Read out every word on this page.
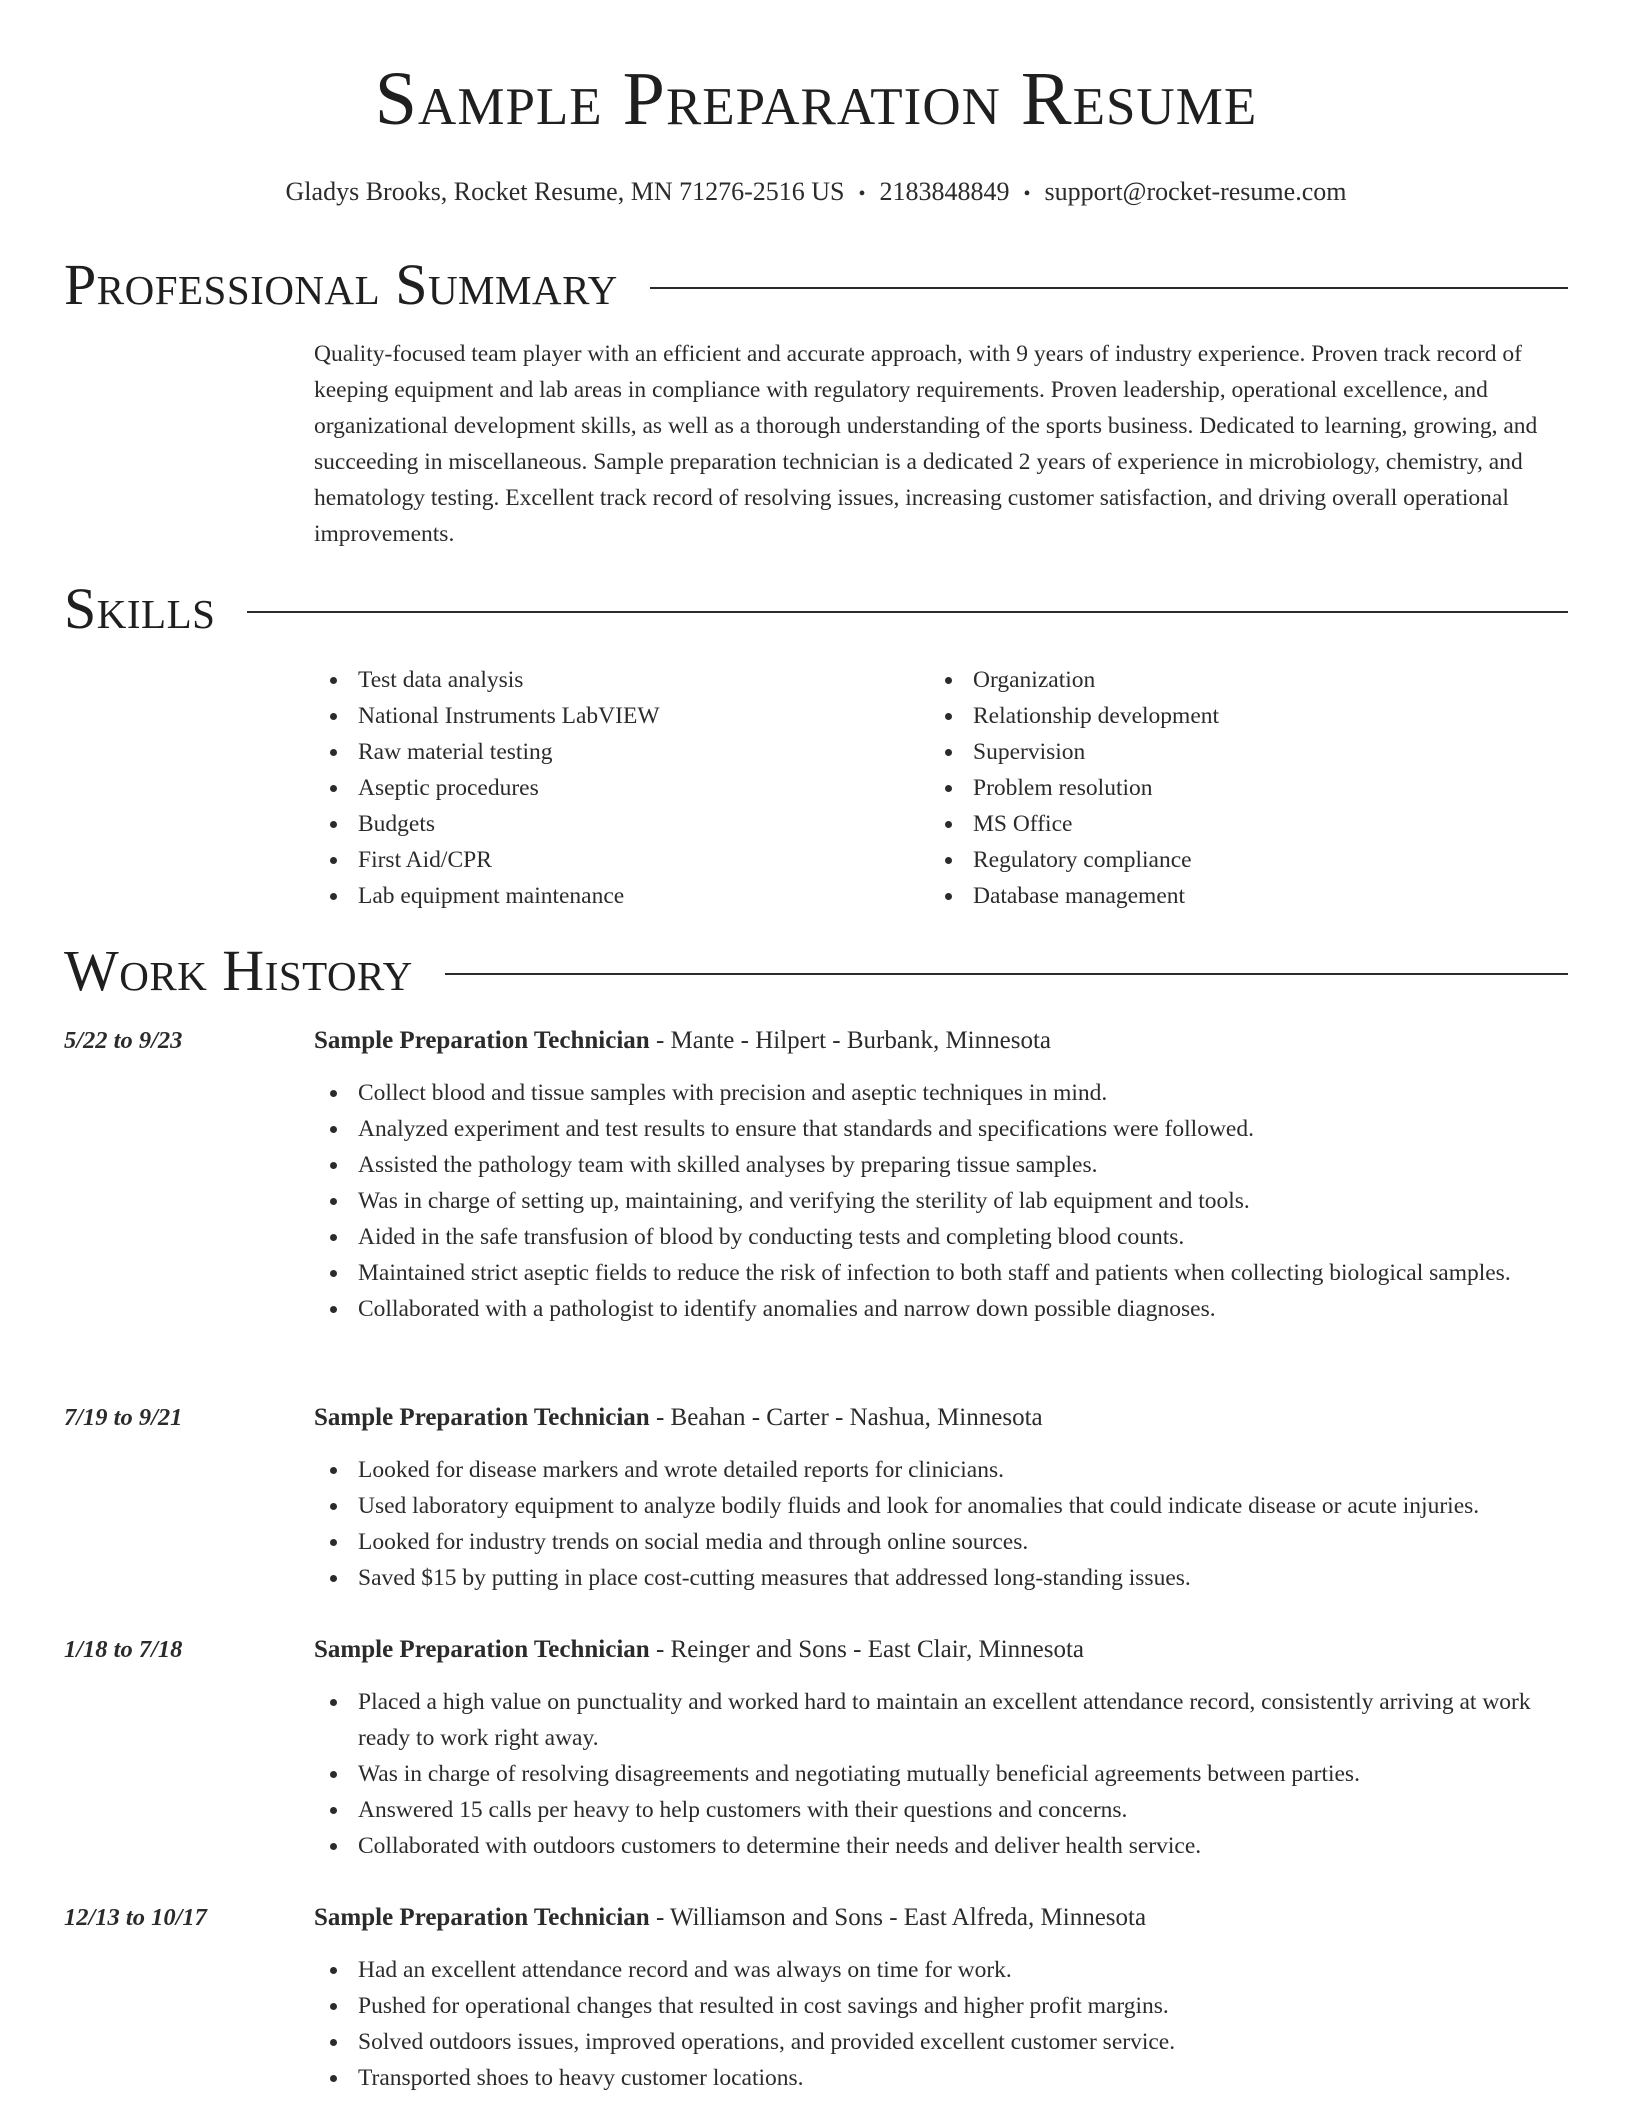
Sample Preparation Resume
Gladys Brooks, Rocket Resume, MN 71276-2516 US • 2183848849 • support@rocket-resume.com
Professional Summary

Quality-focused team player with an efficient and accurate approach, with 9 years of industry experience. Proven track record of keeping equipment and lab areas in compliance with regulatory requirements. Proven leadership, operational excellence, and organizational development skills, as well as a thorough understanding of the sports business. Dedicated to learning, growing, and succeeding in miscellaneous. Sample preparation technician is a dedicated 2 years of experience in microbiology, chemistry, and hematology testing. Excellent track record of resolving issues, increasing customer satisfaction, and driving overall operational improvements.

Skills
Test data analysis
National Instruments LabVIEW
Raw material testing
Aseptic procedures
Budgets
First Aid/CPR
Lab equipment maintenance
Organization
Relationship development
Supervision
Problem resolution
MS Office
Regulatory compliance
Database management
Work History
5/22 to 9/23	Sample Preparation Technician - Mante - Hilpert - Burbank, Minnesota
Collect blood and tissue samples with precision and aseptic techniques in mind.
Analyzed experiment and test results to ensure that standards and specifications were followed.
Assisted the pathology team with skilled analyses by preparing tissue samples.
Was in charge of setting up, maintaining, and verifying the sterility of lab equipment and tools.
Aided in the safe transfusion of blood by conducting tests and completing blood counts.
Maintained strict aseptic fields to reduce the risk of infection to both staff and patients when collecting biological samples.
Collaborated with a pathologist to identify anomalies and narrow down possible diagnoses.
7/19 to 9/21	Sample Preparation Technician - Beahan - Carter - Nashua, Minnesota
Looked for disease markers and wrote detailed reports for clinicians.
Used laboratory equipment to analyze bodily fluids and look for anomalies that could indicate disease or acute injuries.
Looked for industry trends on social media and through online sources.
Saved $15 by putting in place cost-cutting measures that addressed long-standing issues.
1/18 to 7/18	Sample Preparation Technician - Reinger and Sons - East Clair, Minnesota
Placed a high value on punctuality and worked hard to maintain an excellent attendance record, consistently arriving at work ready to work right away.
Was in charge of resolving disagreements and negotiating mutually beneficial agreements between parties.
Answered 15 calls per heavy to help customers with their questions and concerns.
Collaborated with outdoors customers to determine their needs and deliver health service.
12/13 to 10/17	Sample Preparation Technician - Williamson and Sons - East Alfreda, Minnesota
Had an excellent attendance record and was always on time for work.
Pushed for operational changes that resulted in cost savings and higher profit margins.
Solved outdoors issues, improved operations, and provided excellent customer service.
Transported shoes to heavy customer locations.
